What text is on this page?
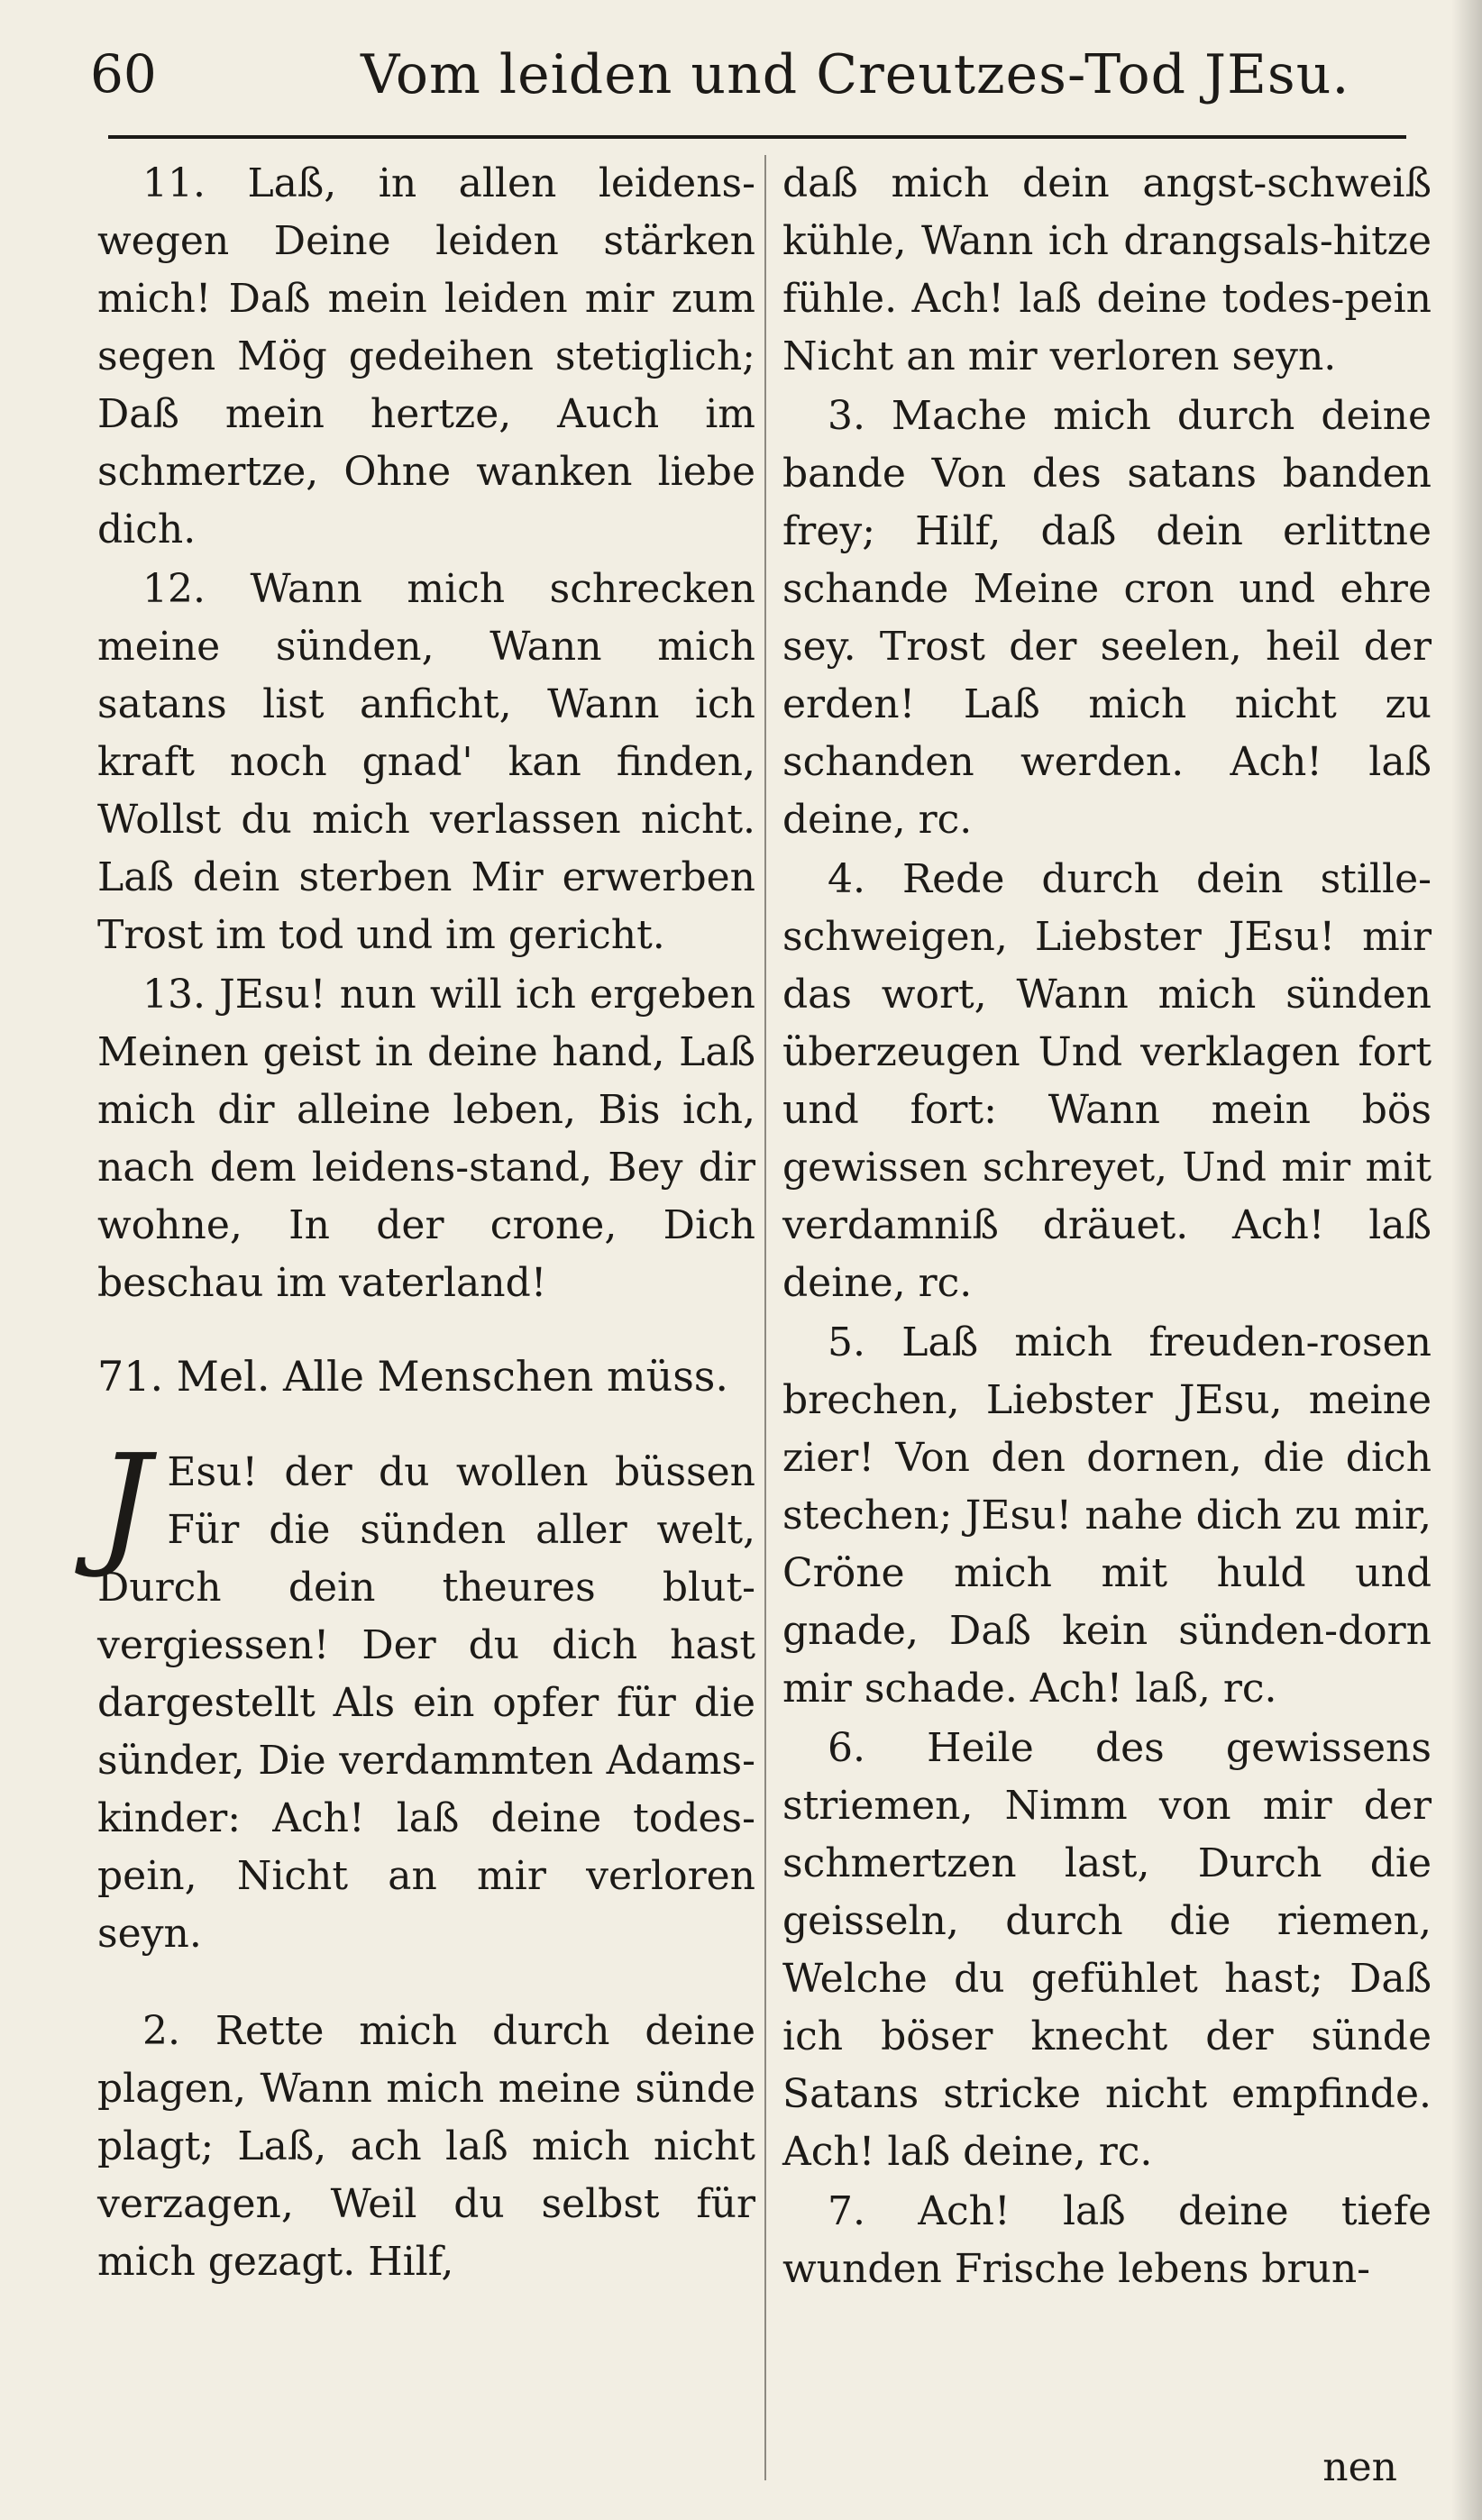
60	Vom leiden und Creutzes-Tod JEsu.

11. Laß, in allen leidens-wegen Deine leiden stärken mich! Daß mein leiden mir zum segen Mög gedeihen stetiglich; Daß mein hertze, Auch im schmertze, Ohne wanken liebe dich.

12. Wann mich schrecken meine sünden, Wann mich satans list anficht, Wann ich kraft noch gnad' kan finden, Wollst du mich verlassen nicht. Laß dein sterben Mir erwerben Trost im tod und im gericht.

13. JEsu! nun will ich ergeben Meinen geist in deine hand, Laß mich dir alleine leben, Bis ich, nach dem leidens-stand, Bey dir wohne, In der crone, Dich beschau im vaterland!

71. Mel. Alle Menschen müss.

J Esu! der du wollen büssen Für die sünden aller welt, Durch dein theures blut-vergiessen! Der du dich hast dargestellt Als ein opfer für die sünder, Die verdammten Adams-kinder: Ach! laß deine todes-pein, Nicht an mir verloren seyn.

2. Rette mich durch deine plagen, Wann mich meine sünde plagt; Laß, ach laß mich nicht verzagen, Weil du selbst für mich gezagt. Hilf,

daß mich dein angst-schweiß kühle, Wann ich drangsals-hitze fühle. Ach! laß deine todes-pein Nicht an mir verloren seyn.

3. Mache mich durch deine bande Von des satans banden frey; Hilf, daß dein erlittne schande Meine cron und ehre sey. Trost der seelen, heil der erden! Laß mich nicht zu schanden werden. Ach! laß deine, rc.

4. Rede durch dein stille-schweigen, Liebster JEsu! mir das wort, Wann mich sünden überzeugen Und verklagen fort und fort: Wann mein bös gewissen schreyet, Und mir mit verdamniß dräuet. Ach! laß deine, rc.

5. Laß mich freuden-rosen brechen, Liebster JEsu, meine zier! Von den dornen, die dich stechen; JEsu! nahe dich zu mir, Cröne mich mit huld und gnade, Daß kein sünden-dorn mir schade. Ach! laß, rc.

6. Heile des gewissens striemen, Nimm von mir der schmertzen last, Durch die geisseln, durch die riemen, Welche du gefühlet hast; Daß ich böser knecht der sünde Satans stricke nicht empfinde. Ach! laß deine, rc.

7. Ach! laß deine tiefe wunden Frische lebens brun-

nen
